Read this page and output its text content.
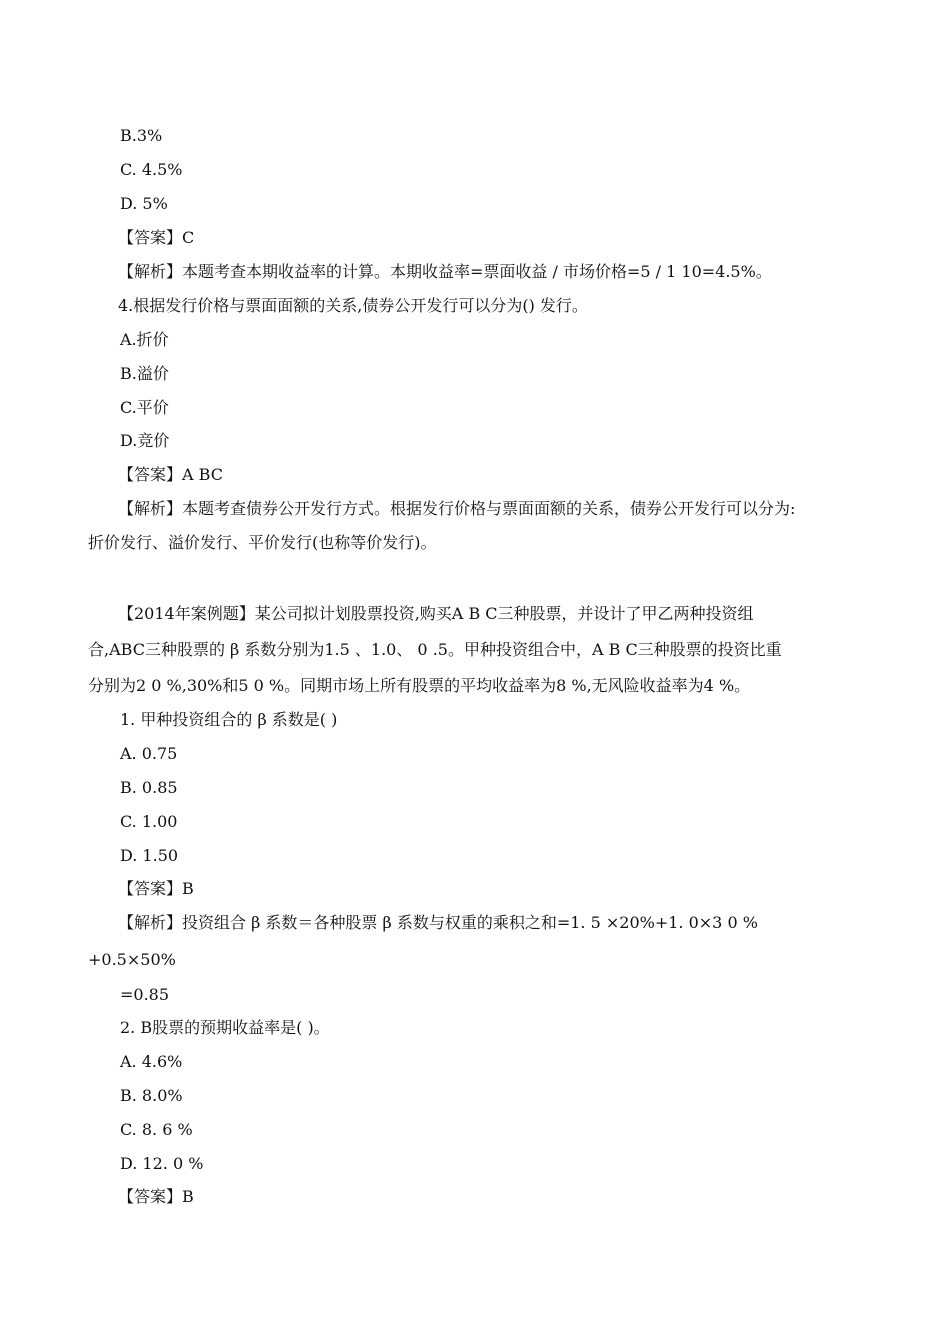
B.3%
C. 4.5%
D. 5%
【答案】C
【解析】本题考查本期收益率的计算。本期收益率=票面收益 / 市场价格=5 / 1 10=4.5%。
4.根据发行价格与票面面额的关系,债券公开发行可以分为() 发行。
A.折价
B.溢价
C.平价
D.竞价
【答案】A BC
【解析】本题考查债券公开发行方式。根据发行价格与票面面额的关系，债券公开发行可以分为:
折价发行、溢价发行、平价发行(也称等价发行)。
【2014年案例题】某公司拟计划股票投资,购买A B C三种股票，并设计了甲乙两种投资组
合,ABC三种股票的 β 系数分别为1.5 、1.0、 0 .5。甲种投资组合中，A B C三种股票的投资比重
分别为2 0 %,30%和5 0 %。同期市场上所有股票的平均收益率为8 %,无风险收益率为4 %。
1. 甲种投资组合的 β 系数是( )
A. 0.75
B. 0.85
C. 1.00
D. 1.50
【答案】B
【解析】投资组合 β 系数＝各种股票 β 系数与权重的乘积之和=1. 5 ×20%+1. 0×3 0 %
+0.5×50%
=0.85
2. B股票的预期收益率是( )。
A. 4.6%
B. 8.0%
C. 8. 6 %
D. 12. 0 %
【答案】B
